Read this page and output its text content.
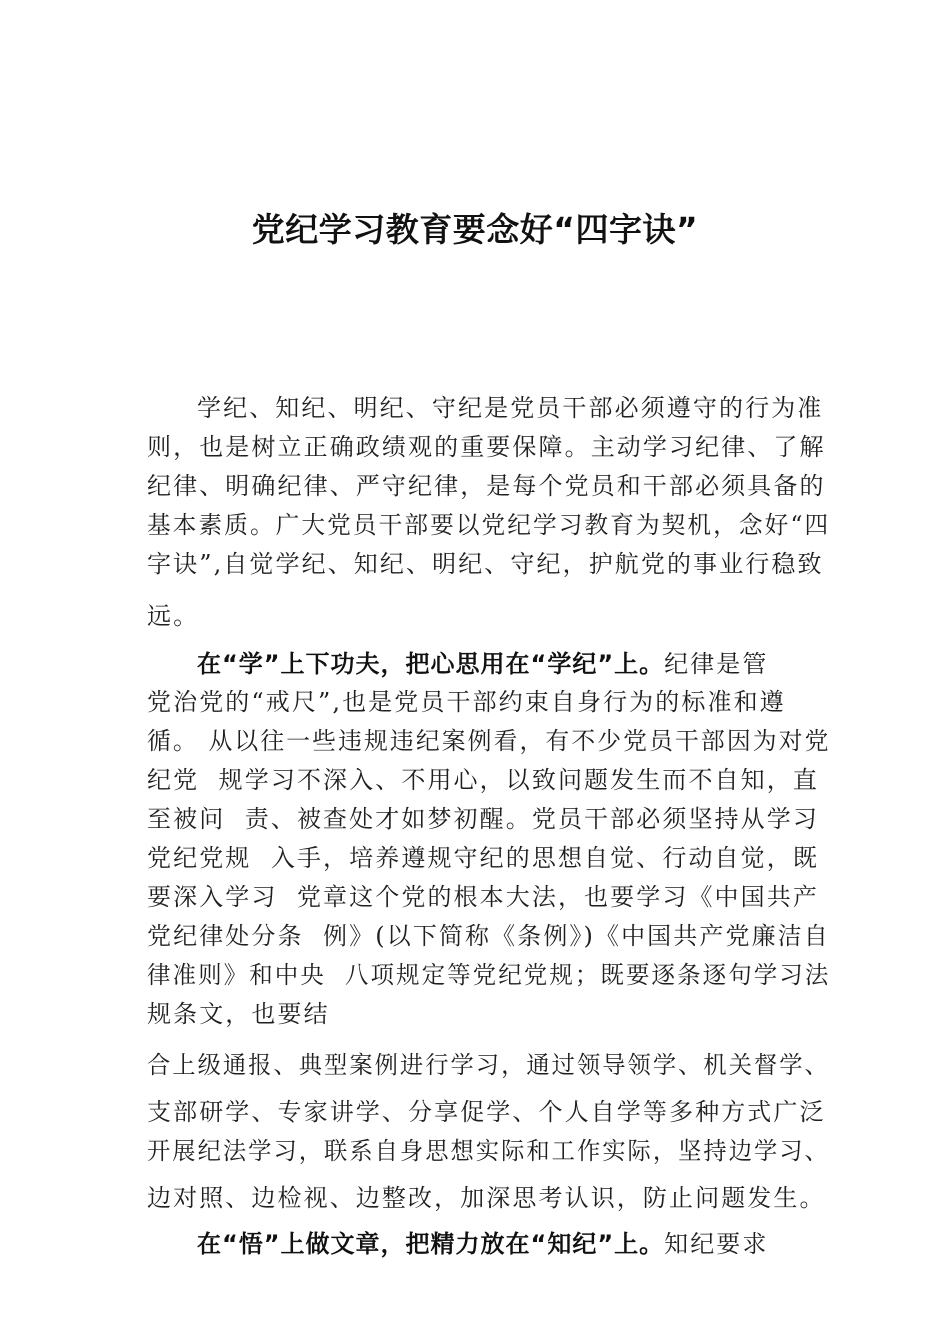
党纪学习教育要念好“四字诀”
学纪、知纪、明纪、守纪是党员干部必须遵守的行为准
则，也是树立正确政绩观的重要保障。主动学习纪律、了解
纪律、明确纪律、严守纪律，是每个党员和干部必须具备的
基本素质。广大党员干部要以党纪学习教育为契机，念好“四
字诀”,自觉学纪、知纪、明纪、守纪，护航党的事业行稳致
远。
在“学”上下功夫，把心思用在“学纪”上。纪律是管
党治党的“戒尺”,也是党员干部约束自身行为的标准和遵
循。 从以往一些违规违纪案例看，有不少党员干部因为对党
纪党  规学习不深入、不用心，以致问题发生而不自知，直
至被问  责、被查处才如梦初醒。党员干部必须坚持从学习
党纪党规  入手，培养遵规守纪的思想自觉、行动自觉，既
要深入学习  党章这个党的根本大法，也要学习《中国共产
党纪律处分条  例》(以下简称《条例》)《中国共产党廉洁自
律准则》和中央  八项规定等党纪党规；既要逐条逐句学习法
规条文，也要结
合上级通报、典型案例进行学习，通过领导领学、机关督学、
支部研学、专家讲学、分享促学、个人自学等多种方式广泛
开展纪法学习，联系自身思想实际和工作实际，坚持边学习、
边对照、边检视、边整改，加深思考认识，防止问题发生。
在“悟”上做文章，把精力放在“知纪”上。知纪要求
